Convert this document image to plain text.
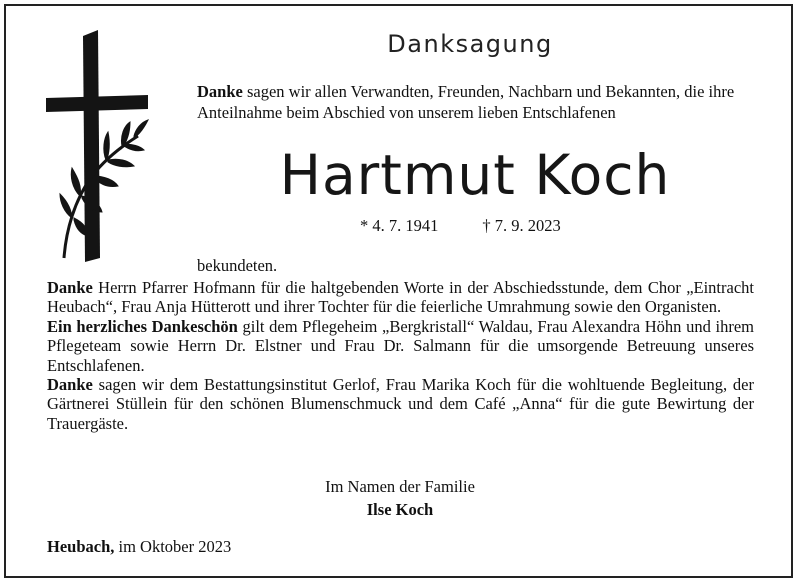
Danksagung
Danke sagen wir allen Verwandten, Freunden, Nachbarn und Bekannten, die ihre Anteilnahme beim Abschied von unserem lieben Entschlafenen
Hartmut Koch
* 4. 7. 1941	† 7. 9. 2023
bekundeten.

Danke Herrn Pfarrer Hofmann für die haltgebenden Worte in der Abschiedsstunde, dem Chor „Eintracht Heubach“, Frau Anja Hütterott und ihrer Tochter für die feierliche Umrahmung sowie den Organisten.

Ein herzliches Dankeschön gilt dem Pflegeheim „Bergkristall“ Waldau, Frau Alexandra Höhn und ihrem Pflegeteam sowie Herrn Dr. Elstner und Frau Dr. Salmann für die umsorgende Betreuung unseres Entschlafenen.

Danke sagen wir dem Bestattungsinstitut Gerlof, Frau Marika Koch für die wohltuende Begleitung, der Gärtnerei Stüllein für den schönen Blumenschmuck und dem Café „Anna“ für die gute Bewirtung der Trauergäste.

Im Namen der Familie
Ilse Koch
Heubach, im Oktober 2023
